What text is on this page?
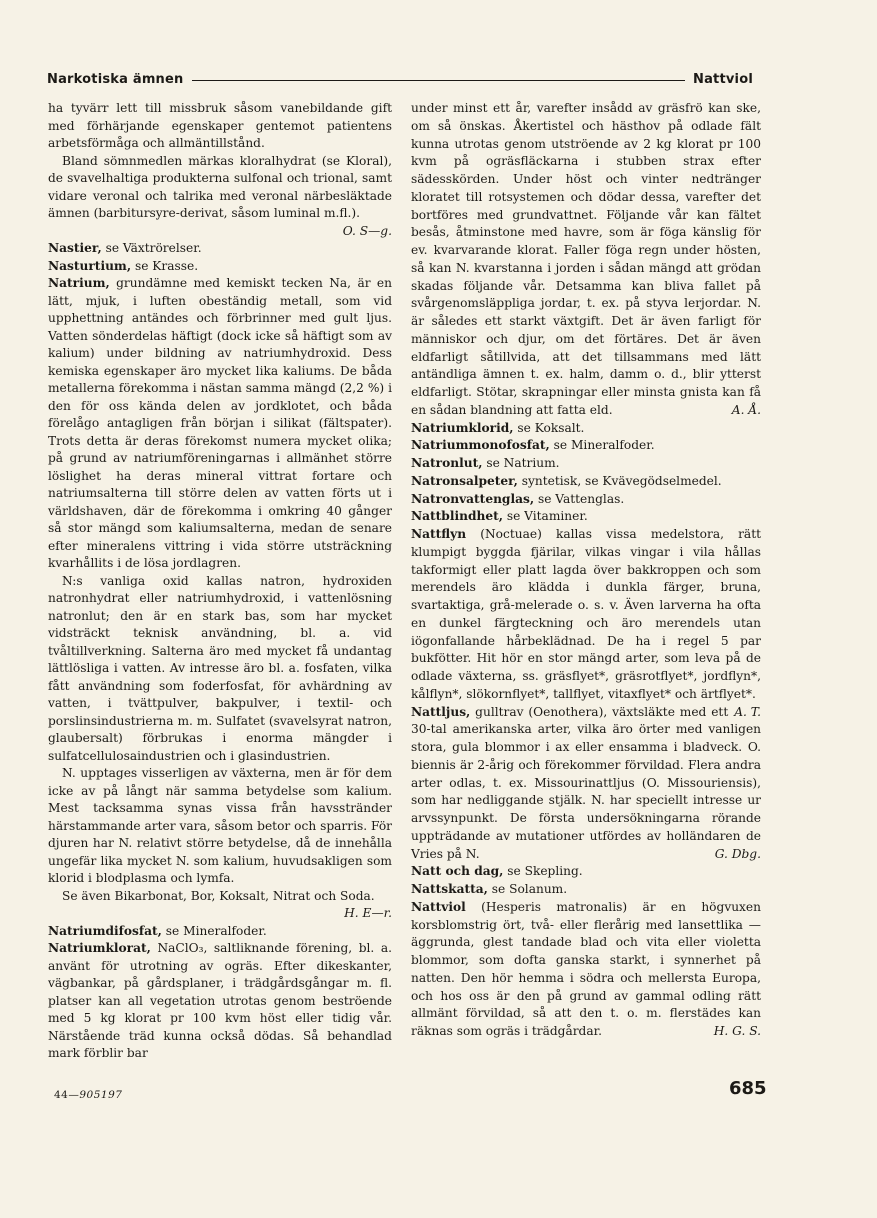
Narkotiska ämnen	Nattviol

ha tyvärr lett till missbruk såsom vanebildande gift med förhärjande egenskaper gentemot patientens arbetsförmåga och allmäntillstånd.

Bland sömnmedlen märkas kloralhydrat (se Kloral), de svavelhaltiga produkterna sulfonal och trional, samt vidare veronal och talrika med veronal närbesläktade ämnen (barbitursyre-derivat, såsom luminal m.fl.).

O. S—g.

Nastier, se Växtrörelser.

Nasturtium, se Krasse.

Natrium, grundämne med kemiskt tecken Na, är en lätt, mjuk, i luften obeständig metall, som vid upphettning antändes och förbrinner med gult ljus. Vatten sönderdelas häftigt (dock icke så häftigt som av kalium) under bildning av natriumhydroxid. Dess kemiska egenskaper äro mycket lika kaliums. De båda metallerna förekomma i nästan samma mängd (2,2 %) i den för oss kända delen av jordklotet, och båda förelågo antagligen från början i silikat (fältspater). Trots detta är deras förekomst numera mycket olika; på grund av natriumföreningarnas i allmänhet större löslighet ha deras mineral vittrat fortare och natriumsalterna till större delen av vatten förts ut i världshaven, där de förekomma i omkring 40 gånger så stor mängd som kaliumsalterna, medan de senare efter mineralens vittring i vida större utsträckning kvarhållits i de lösa jordlagren.

N:s vanliga oxid kallas natron, hydroxiden natronhydrat eller natriumhydroxid, i vattenlösning natronlut; den är en stark bas, som har mycket vidsträckt teknisk användning, bl. a. vid tvåltillverkning. Salterna äro med mycket få undantag lättlösliga i vatten. Av intresse äro bl. a. fosfaten, vilka fått användning som foderfosfat, för avhärdning av vatten, i tvättpulver, bakpulver, i textil- och porslinsindustrierna m. m. Sulfatet (svavelsyrat natron, glaubersalt) förbrukas i enorma mängder i sulfatcellulosaindustrien och i glasindustrien.

N. upptages visserligen av växterna, men är för dem icke av på långt när samma betydelse som kalium. Mest tacksamma synas vissa från havsstränder härstammande arter vara, såsom betor och sparris. För djuren har N. relativt större betydelse, då de innehålla ungefär lika mycket N. som kalium, huvudsakligen som klorid i blodplasma och lymfa.

Se även Bikarbonat, Bor, Koksalt, Nitrat och Soda.

H. E—r.

Natriumdifosfat, se Mineralfoder.

Natriumklorat, NaClO₃, saltliknande förening, bl. a. använt för utrotning av ogräs. Efter dikeskanter, vägbankar, på gårdsplaner, i trädgårdsgångar m. fl. platser kan all vegetation utrotas genom beströende med 5 kg klorat pr 100 kvm höst eller tidig vår. Närstående träd kunna också dödas. Så behandlad mark förblir bar

under minst ett år, varefter insådd av gräsfrö kan ske, om så önskas. Åkertistel och hästhov på odlade fält kunna utrotas genom utströende av 2 kg klorat pr 100 kvm på ogräsfläckarna i stubben strax efter sädesskörden. Under höst och vinter nedtränger kloratet till rotsystemen och dödar dessa, varefter det bortföres med grundvattnet. Följande vår kan fältet besås, åtminstone med havre, som är föga känslig för ev. kvarvarande klorat. Faller föga regn under hösten, så kan N. kvarstanna i jorden i sådan mängd att grödan skadas följande vår. Detsamma kan bliva fallet på svårgenomsläppliga jordar, t. ex. på styva lerjordar. N. är således ett starkt växtgift. Det är även farligt för människor och djur, om det förtäres. Det är även eldfarligt såtillvida, att det tillsammans med lätt antändliga ämnen t. ex. halm, damm o. d., blir ytterst eldfarligt. Stötar, skrapningar eller minsta gnista kan få en sådan blandning att fatta eld.	A. Å.

Natriumklorid, se Koksalt.

Natriummonofosfat, se Mineralfoder.

Natronlut, se Natrium.

Natronsalpeter, syntetisk, se Kvävegödselmedel.

Natronvattenglas, se Vattenglas.

Nattblindhet, se Vitaminer.

Nattflyn (Noctuae) kallas vissa medelstora, rätt klumpigt byggda fjärilar, vilkas vingar i vila hållas takformigt eller platt lagda över bakkroppen och som merendels äro klädda i dunkla färger, bruna, svartaktiga, grå-melerade o. s. v. Även larverna ha ofta en dunkel färgteckning och äro merendels utan iögonfallande hårbeklädnad. De ha i regel 5 par bukfötter. Hit hör en stor mängd arter, som leva på de odlade växterna, ss. gräsflyet*, gräsrotflyet*, jordflyn*, kålflyn*, slökornflyet*, tallflyet, vitaxflyet* och ärtflyet*.
A. T.

Nattljus, gulltrav (Oenothera), växtsläkte med ett 30-tal amerikanska arter, vilka äro örter med vanligen stora, gula blommor i ax eller ensamma i bladveck. O. biennis är 2-årig och förekommer förvildad. Flera andra arter odlas, t. ex. Missourinattljus (O. Missouriensis), som har nedliggande stjälk. N. har speciellt intresse ur arvssynpunkt. De första undersökningarna rörande uppträdande av mutationer utfördes av holländaren de Vries på N.	G. Dbg.

Natt och dag, se Skepling.

Nattskatta, se Solanum.

Nattviol (Hesperis matronalis) är en högvuxen korsblomstrig ört, två- eller flerårig med lansettlika — äggrunda, glest tandade blad och vita eller violetta blommor, som dofta ganska starkt, i synnerhet på natten. Den hör hemma i södra och mellersta Europa, och hos oss är den på grund av gammal odling rätt allmänt förvildad, så att den t. o. m. flerstädes kan räknas som ogräs i trädgårdar.	H. G. S.

44—905197	685
